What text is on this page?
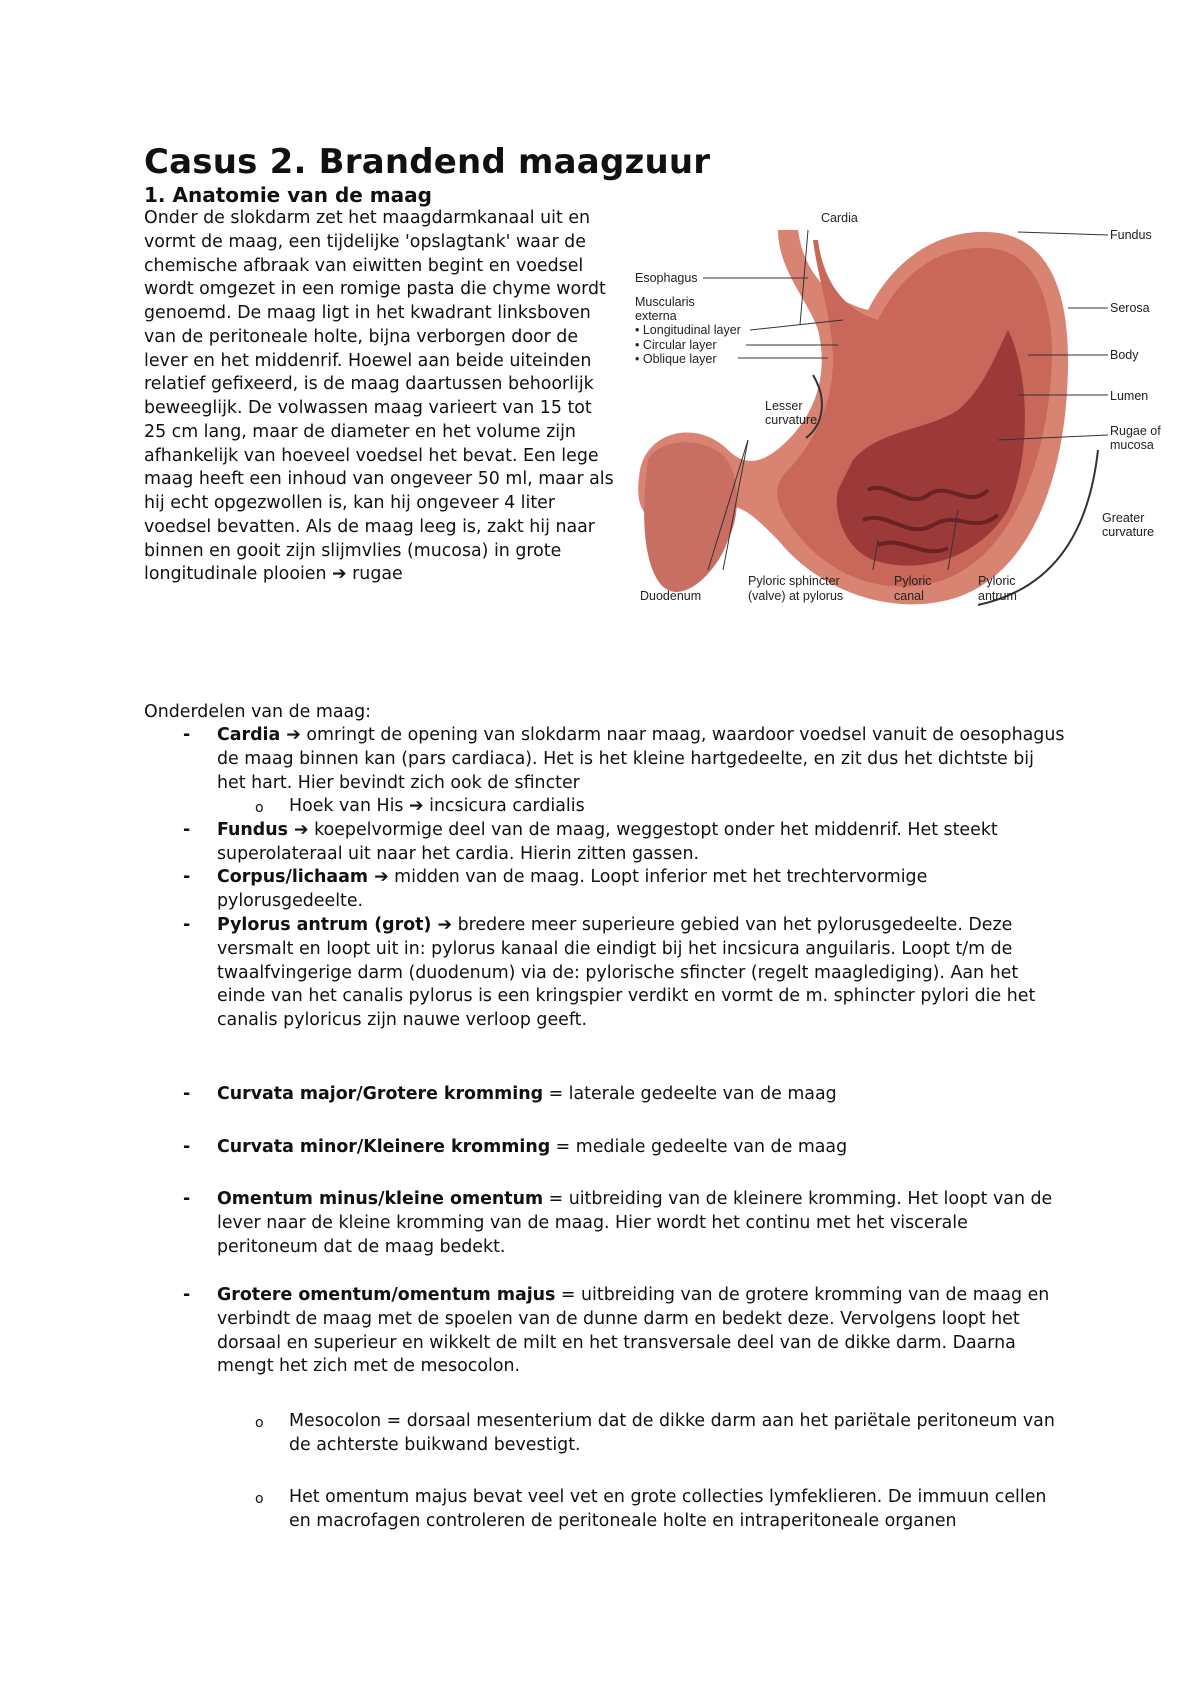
Casus 2. Brandend maagzuur
1. Anatomie van de maag

Onder de slokdarm zet het maagdarmkanaal uit en vormt de maag, een tijdelijke 'opslagtank' waar de chemische afbraak van eiwitten begint en voedsel wordt omgezet in een romige pasta die chyme wordt genoemd. De maag ligt in het kwadrant linksboven van de peritoneale holte, bijna verborgen door de lever en het middenrif. Hoewel aan beide uiteinden relatief gefixeerd, is de maag daartussen behoorlijk beweeglijk. De volwassen maag varieert van 15 tot 25 cm lang, maar de diameter en het volume zijn afhankelijk van hoeveel voedsel het bevat. Een lege maag heeft een inhoud van ongeveer 50 ml, maar als hij echt opgezwollen is, kan hij ongeveer 4 liter voedsel bevatten. Als de maag leeg is, zakt hij naar binnen en gooit zijn slijmvlies (mucosa) in grote longitudinale plooien ➔ rugae

Cardia
Fundus
Esophagus
Serosa
Muscularis
externa
• Longitudinal layer
• Circular layer
• Oblique layer	Body
Lumen
Lesser
curvature
Rugae of
mucosa
Greater
curvature
Duodenum
Pyloric sphincter
(valve) at pylorus
Pyloric
canal
Pyloric
antrum

Onderdelen van de maag:

- Cardia ➔ omringt de opening van slokdarm naar maag, waardoor voedsel vanuit de oesophagus de maag binnen kan (pars cardiaca). Het is het kleine hartgedeelte, en zit dus het dichtste bij het hart. Hier bevindt zich ook de sfincter
o Hoek van His ➔ incsicura cardialis
- Fundus ➔ koepelvormige deel van de maag, weggestopt onder het middenrif. Het steekt superolateraal uit naar het cardia. Hierin zitten gassen.
- Corpus/lichaam ➔ midden van de maag. Loopt inferior met het trechtervormige pylorusgedeelte.
- Pylorus antrum (grot) ➔ bredere meer superieure gebied van het pylorusgedeelte. Deze versmalt en loopt uit in: pylorus kanaal die eindigt bij het incsicura anguilaris. Loopt t/m de twaalfvingerige darm (duodenum) via de: pylorische sfincter (regelt maaglediging). Aan het einde van het canalis pylorus is een kringspier verdikt en vormt de m. sphincter pylori die het canalis pyloricus zijn nauwe verloop geeft.
- Curvata major/Grotere kromming = laterale gedeelte van de maag
- Curvata minor/Kleinere kromming = mediale gedeelte van de maag
- Omentum minus/kleine omentum = uitbreiding van de kleinere kromming. Het loopt van de lever naar de kleine kromming van de maag. Hier wordt het continu met het viscerale peritoneum dat de maag bedekt.
- Grotere omentum/omentum majus = uitbreiding van de grotere kromming van de maag en verbindt de maag met de spoelen van de dunne darm en bedekt deze. Vervolgens loopt het dorsaal en superieur en wikkelt de milt en het transversale deel van de dikke darm. Daarna mengt het zich met de mesocolon.
o Mesocolon = dorsaal mesenterium dat de dikke darm aan het pariëtale peritoneum van de achterste buikwand bevestigt.
o Het omentum majus bevat veel vet en grote collecties lymfeklieren. De immuun cellen en macrofagen controleren de peritoneale holte en intraperitoneale organen
